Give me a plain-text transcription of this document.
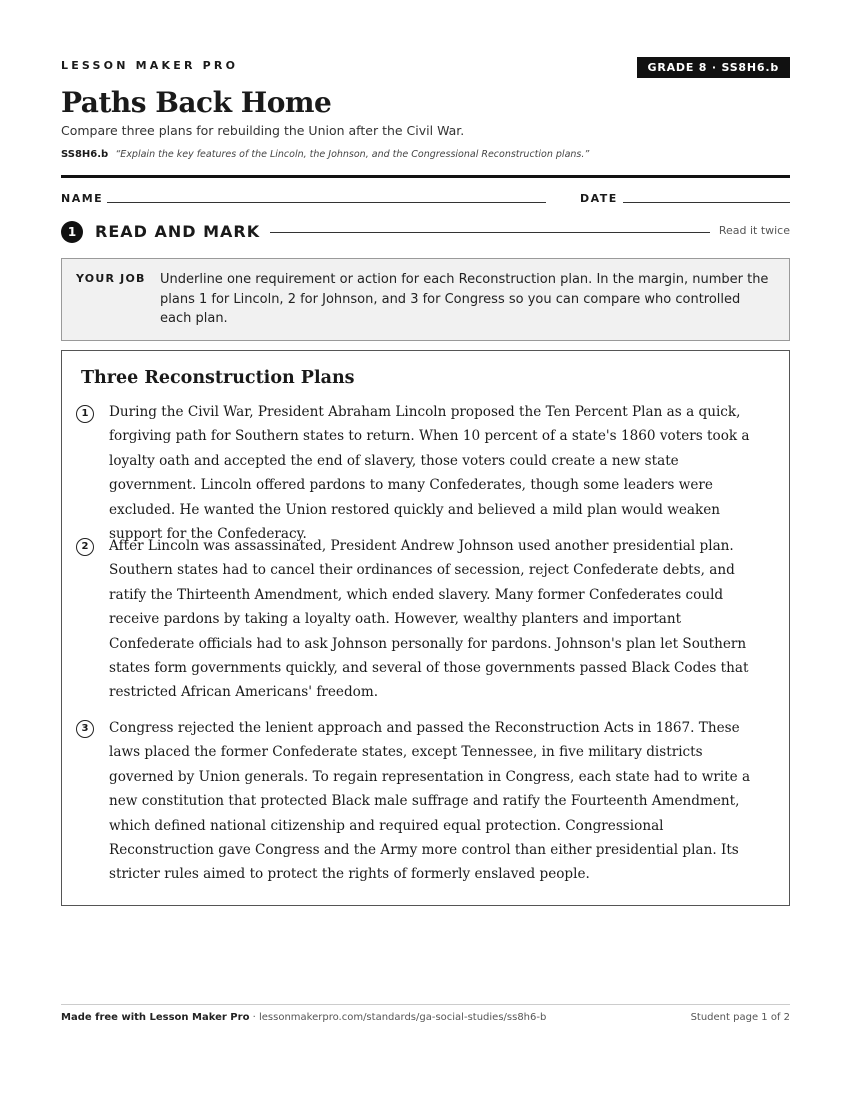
LESSON MAKER PRO	GRADE 8 · SS8H6.b
Paths Back Home
Compare three plans for rebuilding the Union after the Civil War.
SS8H6.b “Explain the key features of the Lincoln, the Johnson, and the Congressional Reconstruction plans.”
NAME	DATE
1	READ AND MARK	Read it twice
YOUR JOB Underline one requirement or action for each Reconstruction plan. In the margin, number the plans 1 for Lincoln, 2 for Johnson, and 3 for Congress so you can compare who controlled each plan.
Three Reconstruction Plans
1	During the Civil War, President Abraham Lincoln proposed the Ten Percent Plan as a quick, forgiving path for Southern states to return. When 10 percent of a state's 1860 voters took a loyalty oath and accepted the end of slavery, those voters could create a new state government. Lincoln offered pardons to many Confederates, though some leaders were excluded. He wanted the Union restored quickly and believed a mild plan would weaken support for the Confederacy.
2	After Lincoln was assassinated, President Andrew Johnson used another presidential plan. Southern states had to cancel their ordinances of secession, reject Confederate debts, and ratify the Thirteenth Amendment, which ended slavery. Many former Confederates could receive pardons by taking a loyalty oath. However, wealthy planters and important Confederate officials had to ask Johnson personally for pardons. Johnson's plan let Southern states form governments quickly, and several of those governments passed Black Codes that restricted African Americans' freedom.
3	Congress rejected the lenient approach and passed the Reconstruction Acts in 1867. These laws placed the former Confederate states, except Tennessee, in five military districts governed by Union generals. To regain representation in Congress, each state had to write a new constitution that protected Black male suffrage and ratify the Fourteenth Amendment, which defined national citizenship and required equal protection. Congressional Reconstruction gave Congress and the Army more control than either presidential plan. Its stricter rules aimed to protect the rights of formerly enslaved people.
Made free with Lesson Maker Pro · lessonmakerpro.com/standards/ga-social-studies/ss8h6-b	Student page 1 of 2
